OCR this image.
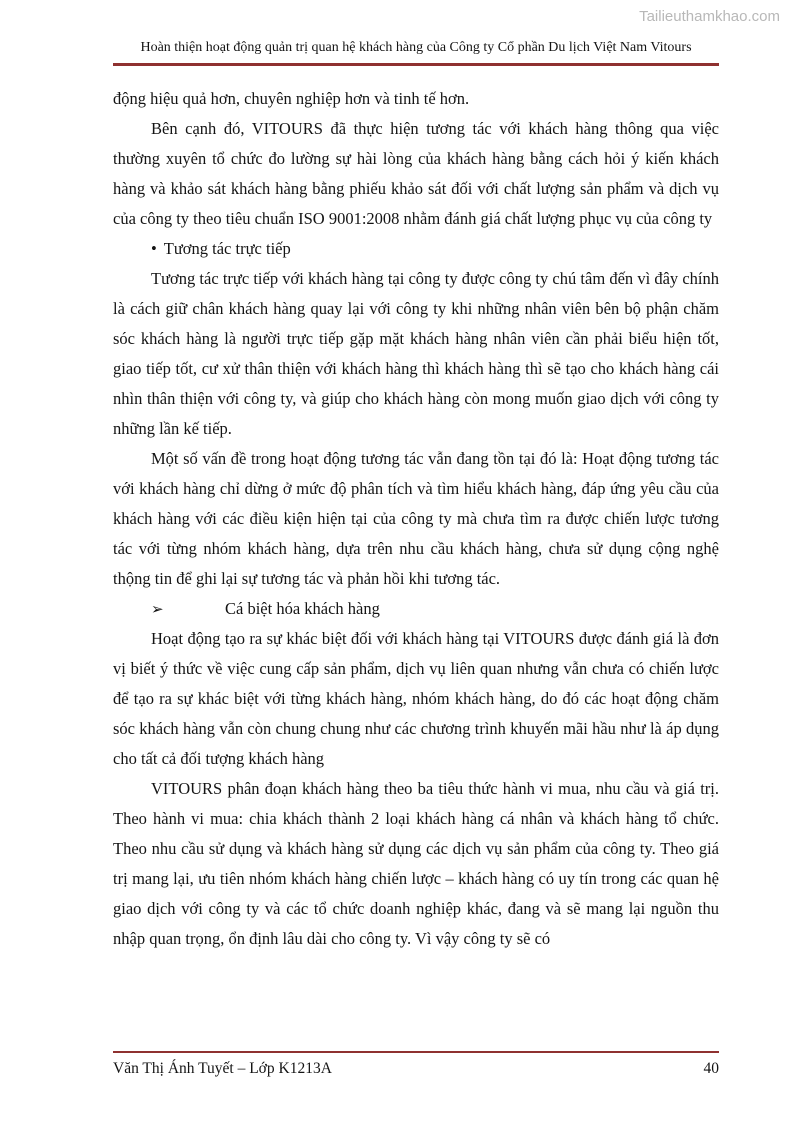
Tailieuthamkhao.com
Hoàn thiện hoạt động quản trị quan hệ khách hàng của Công ty Cổ phần Du lịch Việt Nam Vitours

động hiệu quả hơn, chuyên nghiệp hơn và tinh tế hơn.

Bên cạnh đó, VITOURS đã thực hiện tương tác với khách hàng thông qua việc thường xuyên tổ chức đo lường sự hài lòng của khách hàng bằng cách hỏi ý kiến khách hàng và khảo sát khách hàng bằng phiếu khảo sát đối với chất lượng sản phẩm và dịch vụ của công ty theo tiêu chuẩn ISO 9001:2008 nhằm đánh giá chất lượng phục vụ của công ty

• Tương tác trực tiếp

Tương tác trực tiếp với khách hàng tại công ty được công ty chú tâm đến vì đây chính là cách giữ chân khách hàng quay lại với công ty khi những nhân viên bên bộ phận chăm sóc khách hàng là người trực tiếp gặp mặt khách hàng nhân viên cần phải biểu hiện tốt, giao tiếp tốt, cư xử thân thiện với khách hàng thì khách hàng thì sẽ tạo cho khách hàng cái nhìn thân thiện với công ty, và giúp cho khách hàng còn mong muốn giao dịch với công ty những lần kế tiếp.

Một số vấn đề trong hoạt động tương tác vẫn đang tồn tại đó là: Hoạt động tương tác với khách hàng chỉ dừng ở mức độ phân tích và tìm hiểu khách hàng, đáp ứng yêu cầu của khách hàng với các điều kiện hiện tại của công ty mà chưa tìm ra được chiến lược tương tác với từng nhóm khách hàng, dựa trên nhu cầu khách hàng, chưa sử dụng cộng nghệ thộng tin để ghi lại sự tương tác và phản hồi khi tương tác.

➢	Cá biệt hóa khách hàng

Hoạt động tạo ra sự khác biệt đối với khách hàng tại VITOURS được đánh giá là đơn vị biết ý thức về việc cung cấp sản phẩm, dịch vụ liên quan nhưng vẫn chưa có chiến lược để tạo ra sự khác biệt với từng khách hàng, nhóm khách hàng, do đó các hoạt động chăm sóc khách hàng vẫn còn chung chung như các chương trình khuyến mãi hầu như là áp dụng cho tất cả đối tượng khách hàng

VITOURS phân đoạn khách hàng theo ba tiêu thức hành vi mua, nhu cầu và giá trị. Theo hành vi mua: chia khách thành 2 loại khách hàng cá nhân và khách hàng tổ chức. Theo nhu cầu sử dụng và khách hàng sử dụng các dịch vụ sản phẩm của công ty. Theo giá trị mang lại, ưu tiên nhóm khách hàng chiến lược – khách hàng có uy tín trong các quan hệ giao dịch với công ty và các tổ chức doanh nghiệp khác, đang và sẽ mang lại nguồn thu nhập quan trọng, ổn định lâu dài cho công ty. Vì vậy công ty sẽ có

Văn Thị Ánh Tuyết – Lớp K1213A	40
